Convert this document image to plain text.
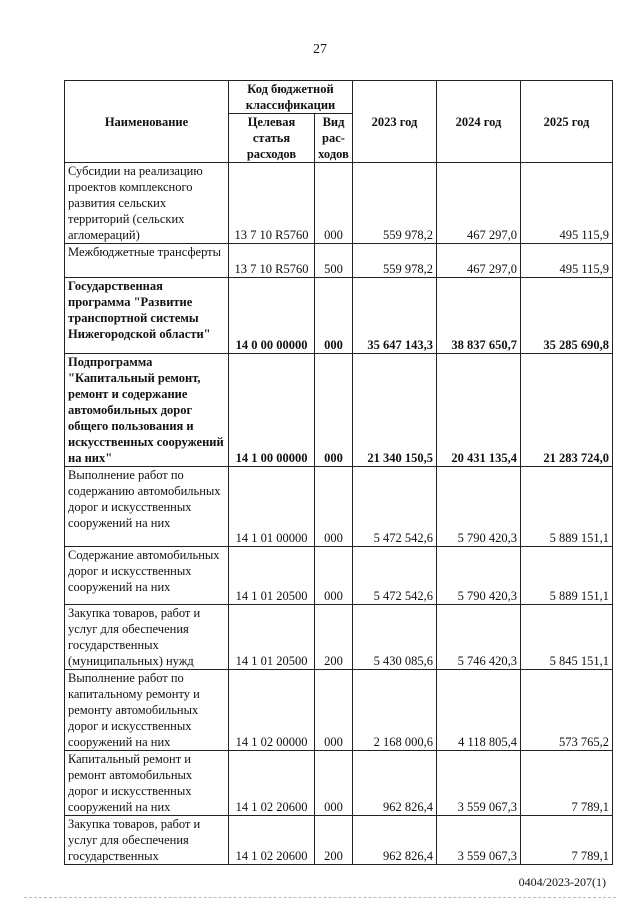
27
Наименование	Код бюджетной классификации		2023 год	2024 год	2025 год
	Целевая статья расходов	Вид рас-ходов			
Субсидии на реализацию проектов комплексного развития сельских территорий (сельских агломераций)	13 7 10 R5760	000	559 978,2	467 297,0	495 115,9
Межбюджетные трансферты	13 7 10 R5760	500	559 978,2	467 297,0	495 115,9
Государственная программа "Развитие транспортной системы Нижегородской области"	14 0 00 00000	000	35 647 143,3	38 837 650,7	35 285 690,8
Подпрограмма "Капитальный ремонт, ремонт и содержание автомобильных дорог общего пользования и искусственных сооружений на них"	14 1 00 00000	000	21 340 150,5	20 431 135,4	21 283 724,0
Выполнение работ по содержанию автомобильных дорог и искусственных сооружений на них	14 1 01 00000	000	5 472 542,6	5 790 420,3	5 889 151,1
Содержание автомобильных дорог и искусственных сооружений на них	14 1 01 20500	000	5 472 542,6	5 790 420,3	5 889 151,1
Закупка товаров, работ и услуг для обеспечения государственных (муниципальных) нужд	14 1 01 20500	200	5 430 085,6	5 746 420,3	5 845 151,1
Выполнение работ по капитальному ремонту и ремонту автомобильных дорог и искусственных сооружений на них	14 1 02 00000	000	2 168 000,6	4 118 805,4	573 765,2
Капитальный ремонт и ремонт автомобильных дорог и искусственных сооружений на них	14 1 02 20600	000	962 826,4	3 559 067,3	7 789,1
Закупка товаров, работ и услуг для обеспечения государственных	14 1 02 20600	200	962 826,4	3 559 067,3	7 789,1
0404/2023-207(1)
